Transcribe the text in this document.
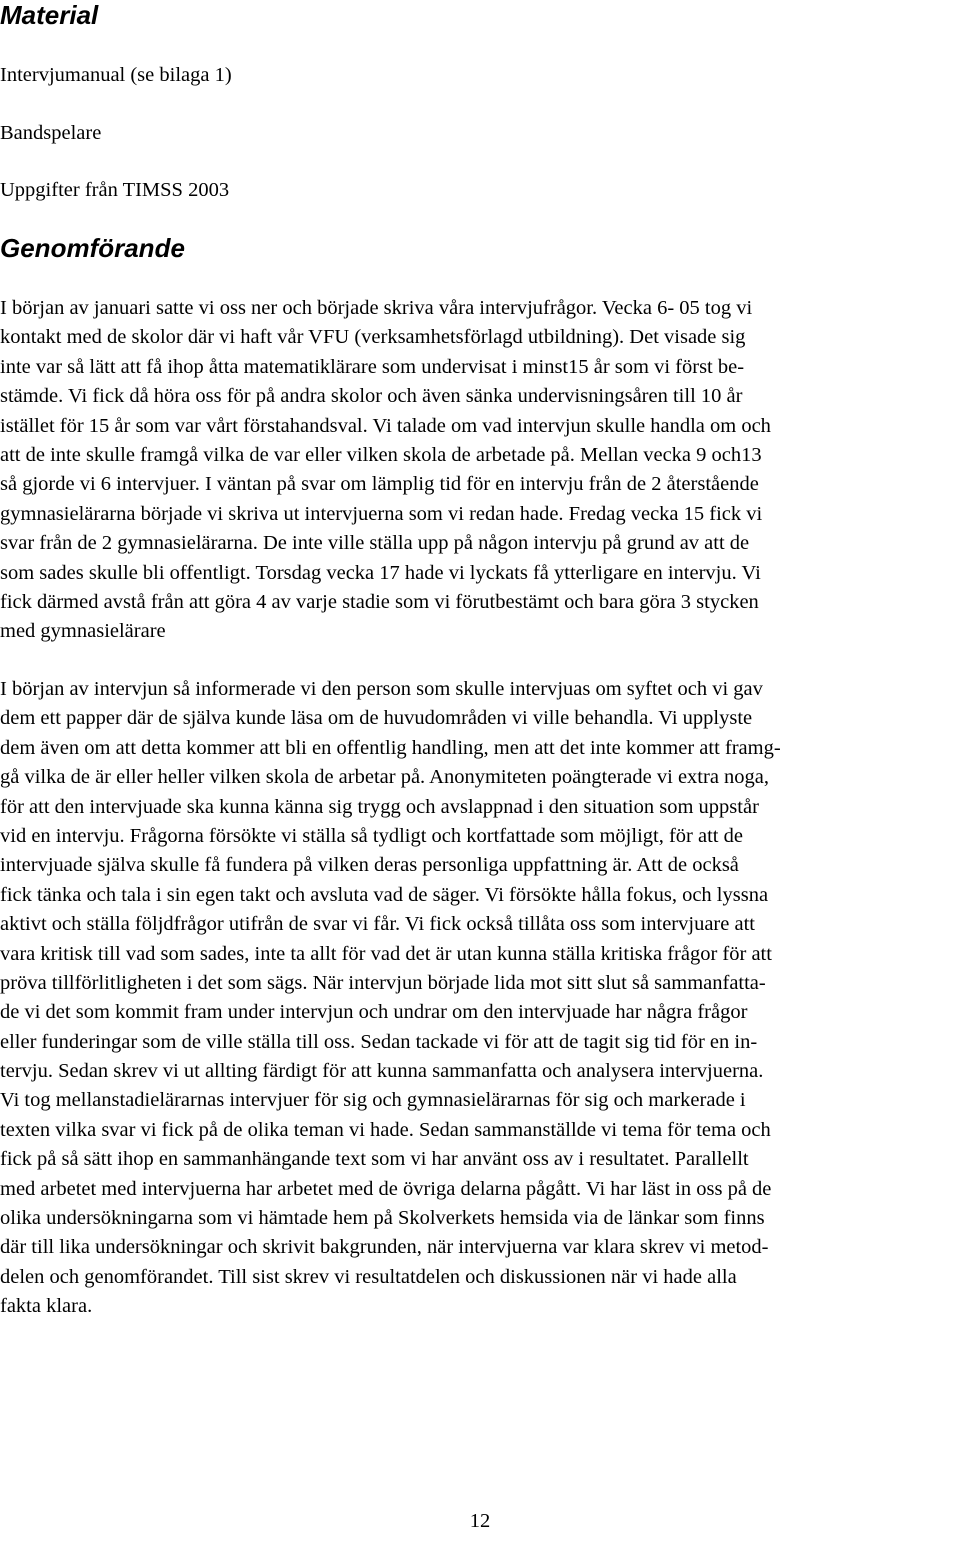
Material

Intervjumanual (se bilaga 1)

Bandspelare

Uppgifter från TIMSS 2003

Genomförande
I början av januari satte vi oss ner och började skriva våra intervjufrågor. Vecka 6- 05 tog vi
kontakt med de skolor där vi haft vår VFU (verksamhetsförlagd utbildning). Det visade sig
inte var så lätt att få ihop åtta matematiklärare som undervisat i minst15 år som vi först be-
stämde. Vi fick då höra oss för på andra skolor och även sänka undervisningsåren till 10 år
istället för 15 år som var vårt förstahandsval. Vi talade om vad intervjun skulle handla om och
att de inte skulle framgå vilka de var eller vilken skola de arbetade på. Mellan vecka 9 och13
så gjorde vi 6 intervjuer. I väntan på svar om lämplig tid för en intervju från de 2 återstående
gymnasielärarna började vi skriva ut intervjuerna som vi redan hade. Fredag vecka 15 fick vi
svar från de 2 gymnasielärarna. De inte ville ställa upp på någon intervju på grund av att de
som sades skulle bli offentligt. Torsdag vecka 17 hade vi lyckats få ytterligare en intervju. Vi
fick därmed avstå från att göra 4 av varje stadie som vi förutbestämt och bara göra 3 stycken
med gymnasielärare
I början av intervjun så informerade vi den person som skulle intervjuas om syftet och vi gav
dem ett papper där de själva kunde läsa om de huvudområden vi ville behandla. Vi upplyste
dem även om att detta kommer att bli en offentlig handling, men att det inte kommer att framg-
gå vilka de är eller heller vilken skola de arbetar på. Anonymiteten poängterade vi extra noga,
för att den intervjuade ska kunna känna sig trygg och avslappnad i den situation som uppstår
vid en intervju. Frågorna försökte vi ställa så tydligt och kortfattade som möjligt, för att de
intervjuade själva skulle få fundera på vilken deras personliga uppfattning är. Att de också
fick tänka och tala i sin egen takt och avsluta vad de säger. Vi försökte hålla fokus, och lyssna
aktivt och ställa följdfrågor utifrån de svar vi får. Vi fick också tillåta oss som intervjuare att
vara kritisk till vad som sades, inte ta allt för vad det är utan kunna ställa kritiska frågor för att
pröva tillförlitligheten i det som sägs. När intervjun började lida mot sitt slut så sammanfatta-
de vi det som kommit fram under intervjun och undrar om den intervjuade har några frågor
eller funderingar som de ville ställa till oss. Sedan tackade vi för att de tagit sig tid för en in-
tervju. Sedan skrev vi ut allting färdigt för att kunna sammanfatta och analysera intervjuerna.
Vi tog mellanstadielärarnas intervjuer för sig och gymnasielärarnas för sig och markerade i
texten vilka svar vi fick på de olika teman vi hade. Sedan sammanställde vi tema för tema och
fick på så sätt ihop en sammanhängande text som vi har använt oss av i resultatet. Parallellt
med arbetet med intervjuerna har arbetet med de övriga delarna pågått. Vi har läst in oss på de
olika undersökningarna som vi hämtade hem på Skolverkets hemsida via de länkar som finns
där till lika undersökningar och skrivit bakgrunden, när intervjuerna var klara skrev vi metod-
delen och genomförandet. Till sist skrev vi resultatdelen och diskussionen när vi hade alla
fakta klara.

12
